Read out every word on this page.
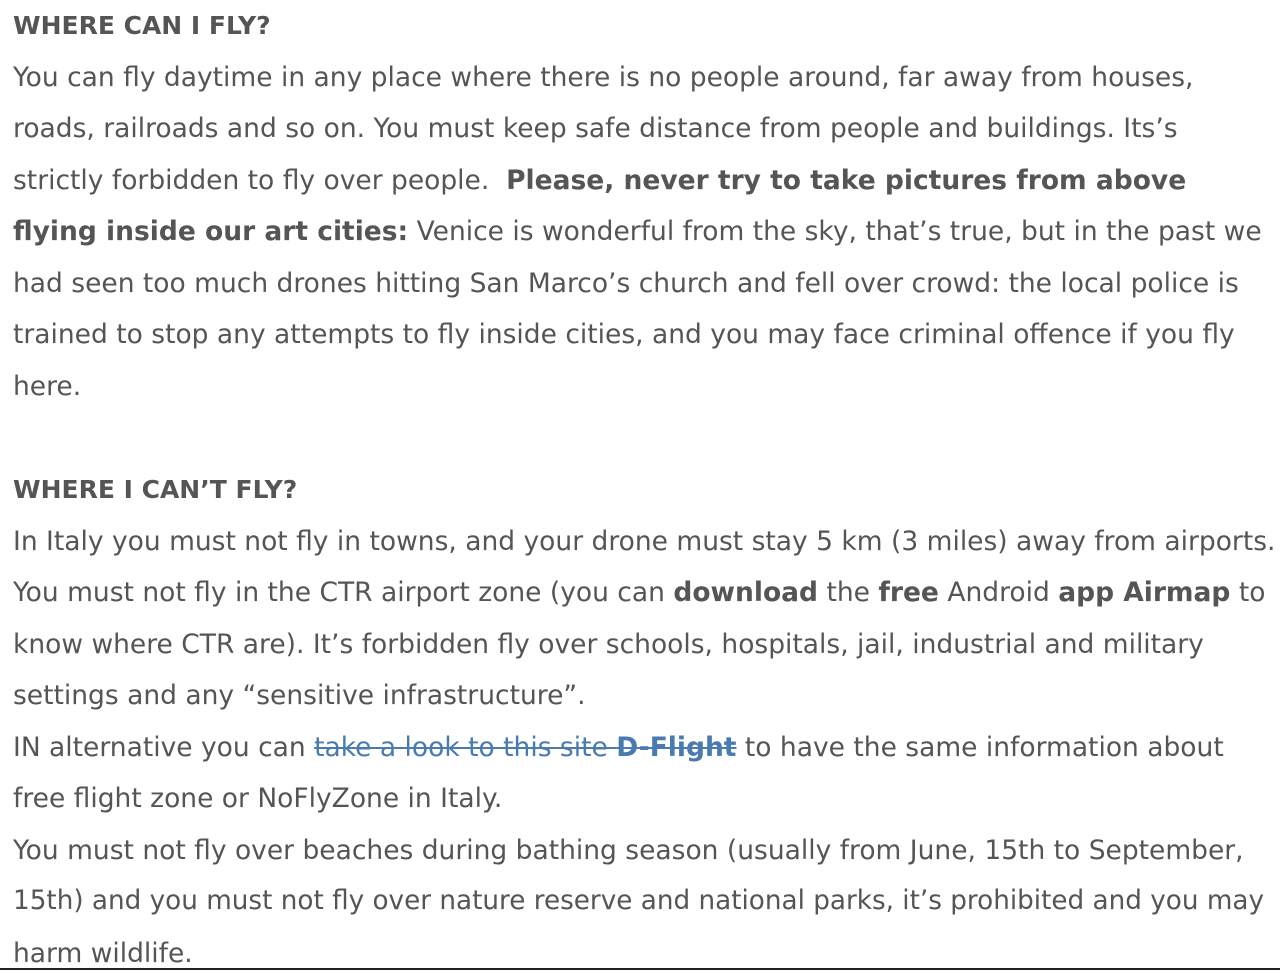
WHERE CAN I FLY?
You can fly daytime in any place where there is no people around, far away from houses,
roads, railroads and so on. You must keep safe distance from people and buildings. Its’s
strictly forbidden to fly over people.  Please, never try to take pictures from above
flying inside our art cities: Venice is wonderful from the sky, that’s true, but in the past we
had seen too much drones hitting San Marco’s church and fell over crowd: the local police is
trained to stop any attempts to fly inside cities, and you may face criminal offence if you fly
here.
WHERE I CAN’T FLY?
In Italy you must not fly in towns, and your drone must stay 5 km (3 miles) away from airports.
You must not fly in the CTR airport zone (you can download the free Android app Airmap to
know where CTR are). It’s forbidden fly over schools, hospitals, jail, industrial and military
settings and any “sensitive infrastructure”.
IN alternative you can take a look to this site D-Flight to have the same information about
free flight zone or NoFlyZone in Italy.
You must not fly over beaches during bathing season (usually from June, 15th to September,
15th) and you must not fly over nature reserve and national parks, it’s prohibited and you may
harm wildlife.
